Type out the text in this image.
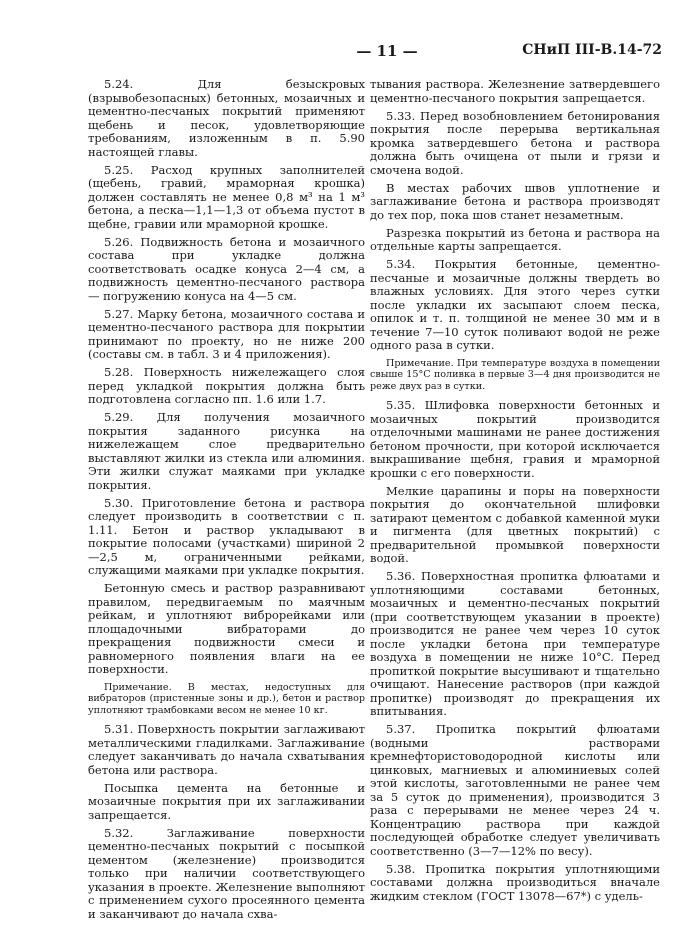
— 11 —	СНиП III-В.14-72

5.24. Для безыскровых (взрывобезопасных) бетонных, мозаичных и цементно-песчаных покрытий применяют щебень и песок, удовлетворяющие требованиям, изложенным в п. 5.90 настоящей главы.

5.25. Расход крупных заполнителей (щебень, гравий, мраморная крошка) должен составлять не менее 0,8 м³ на 1 м³ бетона, а песка—1,1—1,3 от объема пустот в щебне, гравии или мраморной крошке.

5.26. Подвижность бетона и мозаичного состава при укладке должна соответствовать осадке конуса 2—4 см, а подвижность цементно-песчаного раствора — погружению конуса на 4—5 см.

5.27. Марку бетона, мозаичного состава и цементно-песчаного раствора для покрытии принимают по проекту, но не ниже 200 (составы см. в табл. 3 и 4 приложения).

5.28. Поверхность нижележащего слоя перед укладкой покрытия должна быть подготовлена согласно пп. 1.6 или 1.7.

5.29. Для получения мозаичного покрытия заданного рисунка на нижележащем слое предварительно выставляют жилки из стекла или алюминия. Эти жилки служат маяками при укладке покрытия.

5.30. Приготовление бетона и раствора следует производить в соответствии с п. 1.11. Бетон и раствор укладывают в покрытие полосами (участками) шириной 2—2,5 м, ограниченными рейками, служащими маяками при укладке покрытия.

Бетонную смесь и раствор разравнивают правилом, передвигаемым по маячным рейкам, и уплотняют виброрейками или площадочными вибраторами до прекращения подвижности смеси и равномерного появления влаги на ее поверхности.

Примечание. В местах, недоступных для вибраторов (пристенные зоны и др.), бетон и раствор уплотняют трамбовками весом не менее 10 кг.

5.31. Поверхность покрытии заглаживают металлическими гладилками. Заглаживание следует заканчивать до начала схватывания бетона или раствора.

Посыпка цемента на бетонные и мозаичные покрытия при их заглаживании запрещается.

5.32. Заглаживание поверхности цементно-песчаных покрытий с посыпкой цементом (железнение) производится только при наличии соответствующего указания в проекте. Железнение выполняют с применением сухого просеянного цемента и заканчивают до начала схва-

тывания раствора. Железнение затвердевшего цементно-песчаного покрытия запрещается.

5.33. Перед возобновлением бетонирования покрытия после перерыва вертикальная кромка затвердевшего бетона и раствора должна быть очищена от пыли и грязи и смочена водой.

В местах рабочих швов уплотнение и заглаживание бетона и раствора производят до тех пор, пока шов станет незаметным.

Разрезка покрытий из бетона и раствора на отдельные карты запрещается.

5.34. Покрытия бетонные, цементно-песчаные и мозаичные должны твердеть во влажных условиях. Для этого через сутки после укладки их засыпают слоем песка, опилок и т. п. толщиной не менее 30 мм и в течение 7—10 суток поливают водой не реже одного раза в сутки.

Примечание. При температуре воздуха в помещении свыше 15°C поливка в первые 3—4 дня производится не реже двух раз в сутки.

5.35. Шлифовка поверхности бетонных и мозаичных покрытий производится отделочными машинами не ранее достижения бетоном прочности, при которой исключается выкрашивание щебня, гравия и мраморной крошки с его поверхности.

Мелкие царапины и поры на поверхности покрытия до окончательной шлифовки затирают цементом с добавкой каменной муки и пигмента (для цветных покрытий) с предварительной промывкой поверхности водой.

5.36. Поверхностная пропитка флюатами и уплотняющими составами бетонных, мозаичных и цементно-песчаных покрытий (при соответствующем указании в проекте) производится не ранее чем через 10 суток после укладки бетона при температуре воздуха в помещении не ниже 10°C. Перед пропиткой покрытие высушивают и тщательно очищают. Нанесение растворов (при каждой пропитке) производят до прекращения их впитывания.

5.37. Пропитка покрытий флюатами (водными растворами кремнефтористоводородной кислоты или цинковых, магниевых и алюминиевых солей этой кислоты, заготовленными не ранее чем за 5 суток до применения), производится 3 раза с перерывами не менее через 24 ч. Концентрацию раствора при каждой последующей обработке следует увеличивать соответственно (3—7—12% по весу).

5.38. Пропитка покрытия уплотняющими составами должна производиться вначале жидким стеклом (ГОСТ 13078—67*) с удель-
